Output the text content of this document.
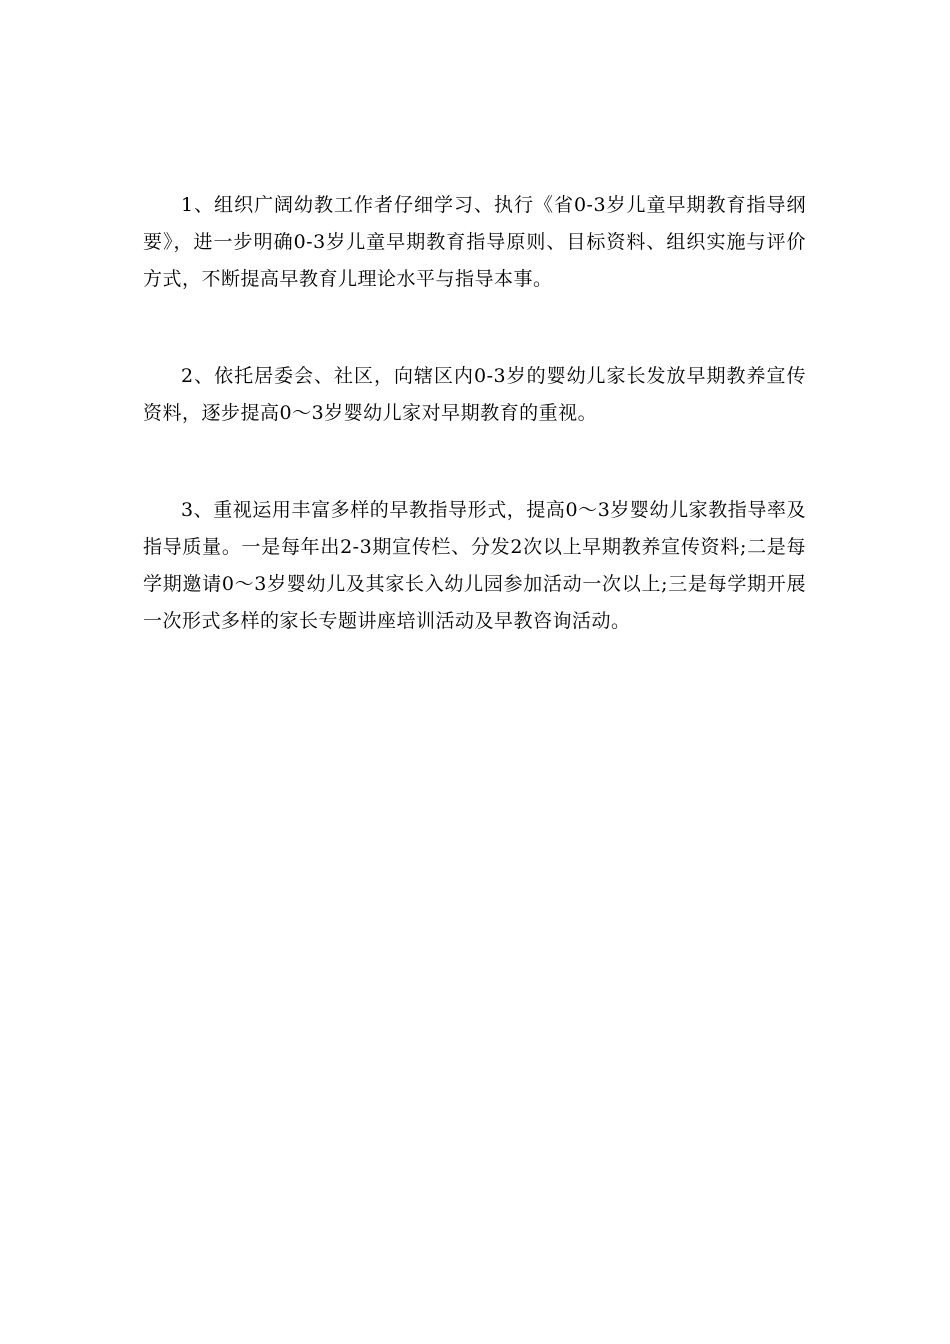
1、组织广阔幼教工作者仔细学习、执行《省0-3岁儿童早期教育指导纲要》，进一步明确0-3岁儿童早期教育指导原则、目标资料、组织实施与评价方式，不断提高早教育儿理论水平与指导本事。

2、依托居委会、社区，向辖区内0-3岁的婴幼儿家长发放早期教养宣传资料，逐步提高0～3岁婴幼儿家对早期教育的重视。

3、重视运用丰富多样的早教指导形式，提高0～3岁婴幼儿家教指导率及指导质量。一是每年出2-3期宣传栏、分发2次以上早期教养宣传资料;二是每学期邀请0～3岁婴幼儿及其家长入幼儿园参加活动一次以上;三是每学期开展一次形式多样的家长专题讲座培训活动及早教咨询活动。
